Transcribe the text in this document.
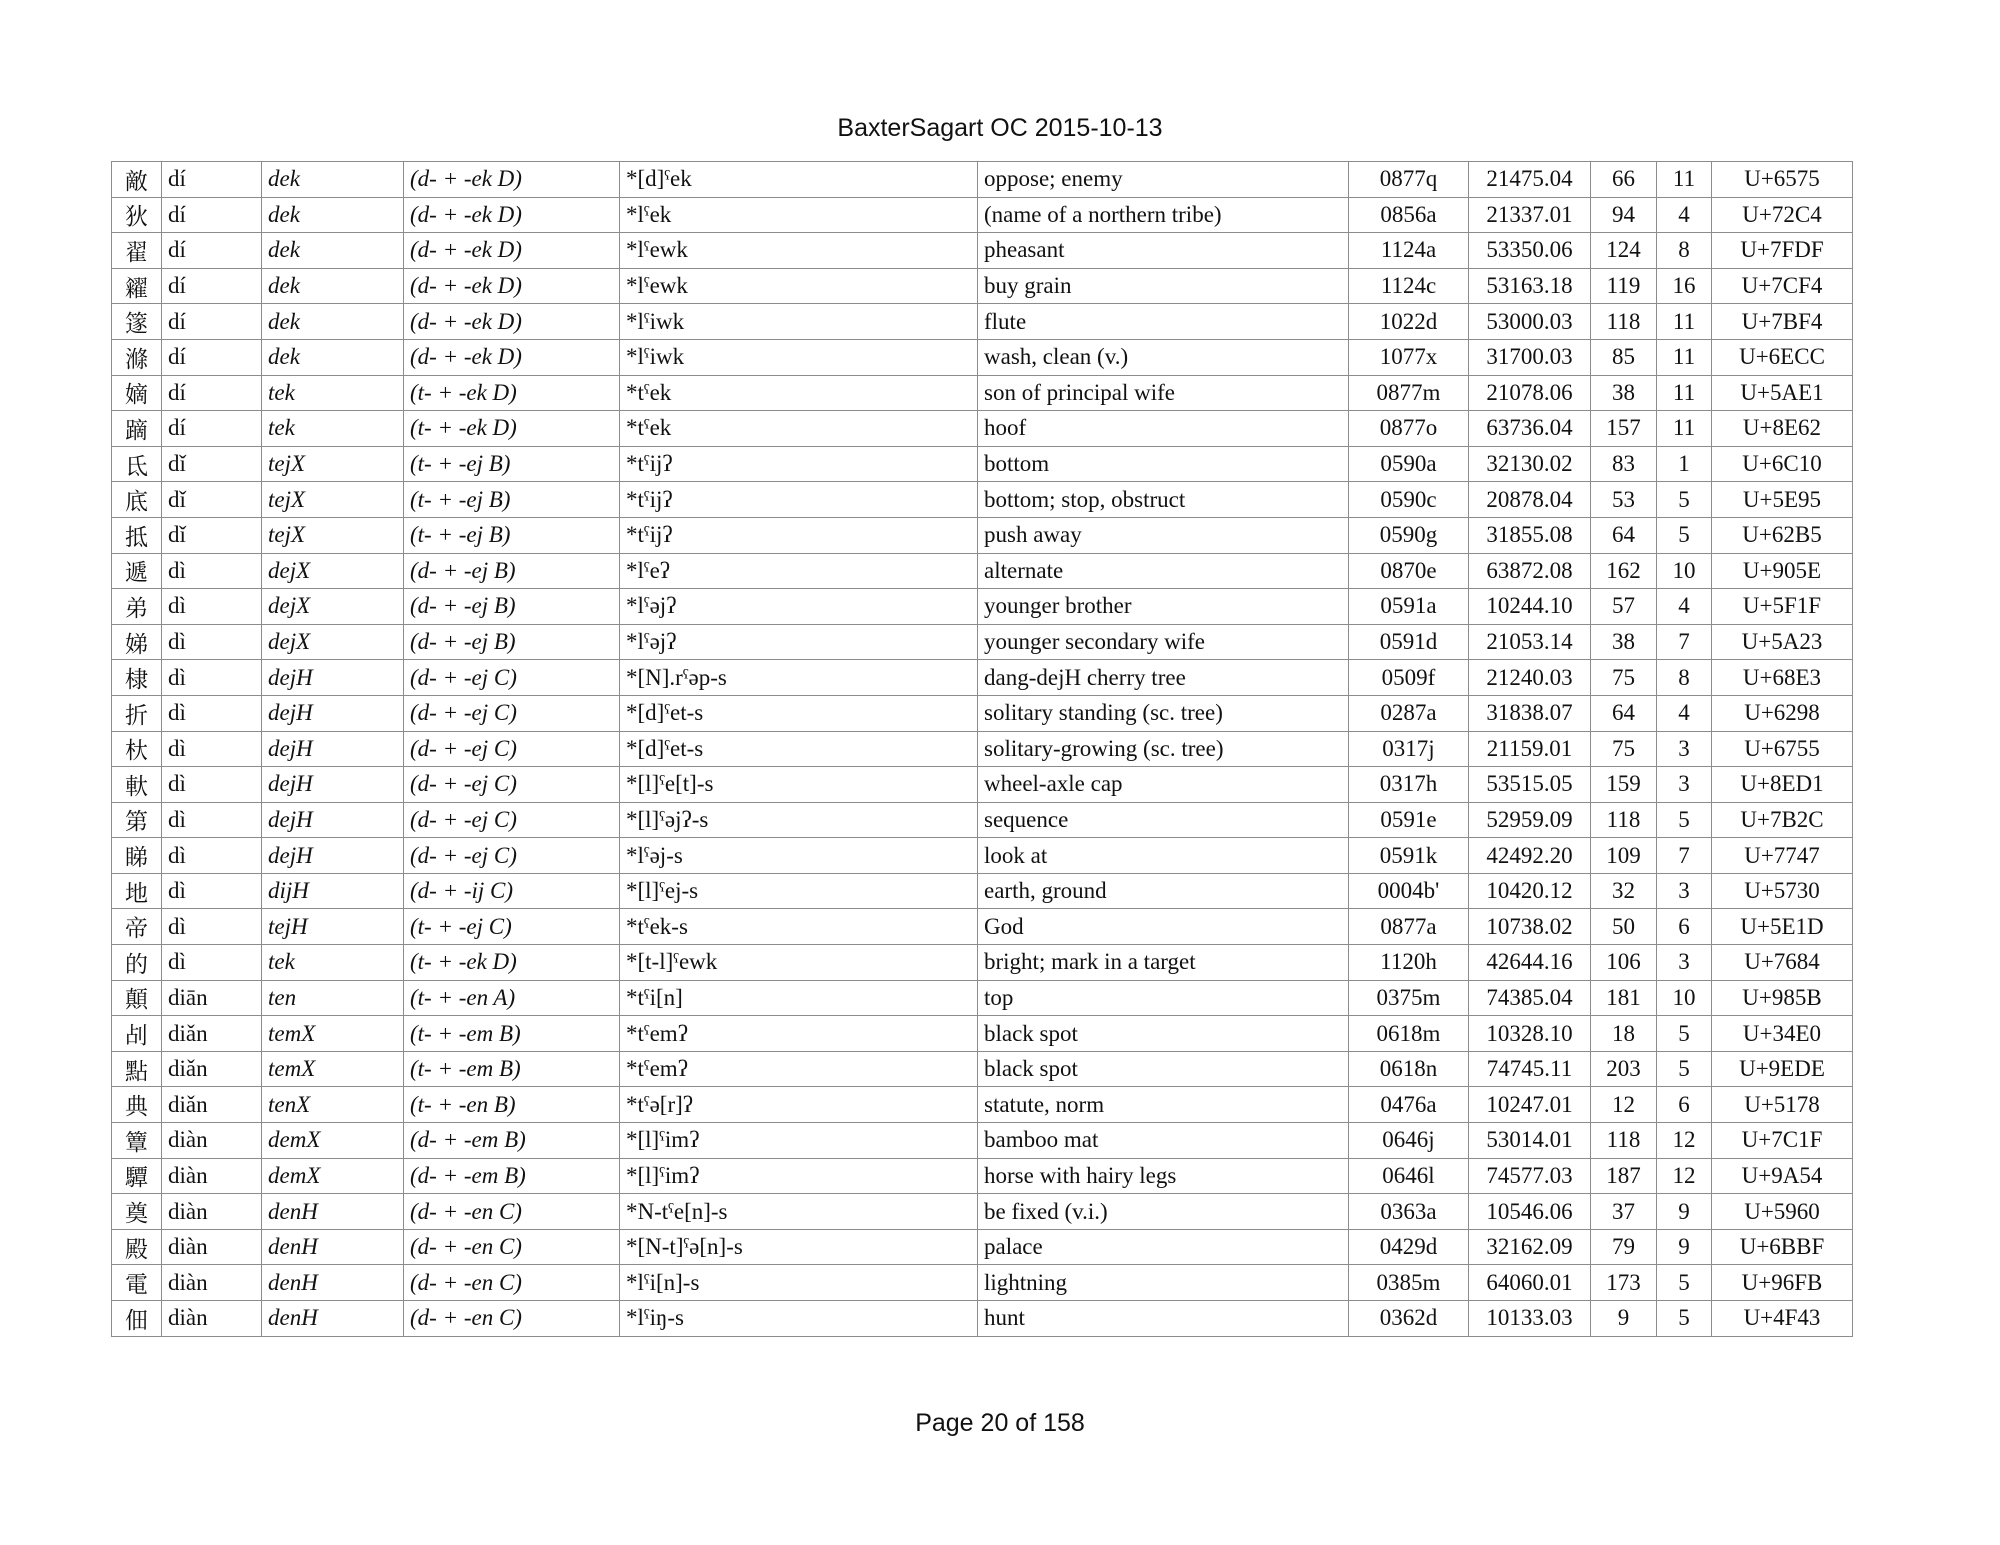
BaxterSagart OC 2015-10-13
敵	dí	dek	(d- + -ek D)	*[d]ˤek	oppose; enemy	0877q	21475.04	66	11	U+6575
狄	dí	dek	(d- + -ek D)	*lˤek	(name of a northern tribe)	0856a	21337.01	94	4	U+72C4
翟	dí	dek	(d- + -ek D)	*lˤewk	pheasant	1124a	53350.06	124	8	U+7FDF
糴	dí	dek	(d- + -ek D)	*lˤewk	buy grain	1124c	53163.18	119	16	U+7CF4
篴	dí	dek	(d- + -ek D)	*lˤiwk	flute	1022d	53000.03	118	11	U+7BF4
滌	dí	dek	(d- + -ek D)	*lˤiwk	wash, clean (v.)	1077x	31700.03	85	11	U+6ECC
嫡	dí	tek	(t- + -ek D)	*tˤek	son of principal wife	0877m	21078.06	38	11	U+5AE1
蹢	dí	tek	(t- + -ek D)	*tˤek	hoof	0877o	63736.04	157	11	U+8E62
氐	dǐ	tejX	(t- + -ej B)	*tˤijʔ	bottom	0590a	32130.02	83	1	U+6C10
底	dǐ	tejX	(t- + -ej B)	*tˤijʔ	bottom; stop, obstruct	0590c	20878.04	53	5	U+5E95
抵	dǐ	tejX	(t- + -ej B)	*tˤijʔ	push away	0590g	31855.08	64	5	U+62B5
遞	dì	dejX	(d- + -ej B)	*lˤeʔ	alternate	0870e	63872.08	162	10	U+905E
弟	dì	dejX	(d- + -ej B)	*lˤəjʔ	younger brother	0591a	10244.10	57	4	U+5F1F
娣	dì	dejX	(d- + -ej B)	*lˤəjʔ	younger secondary wife	0591d	21053.14	38	7	U+5A23
棣	dì	dejH	(d- + -ej C)	*[N].rˤəp-s	dang-dejH cherry tree	0509f	21240.03	75	8	U+68E3
折	dì	dejH	(d- + -ej C)	*[d]ˤet-s	solitary standing (sc. tree)	0287a	31838.07	64	4	U+6298
杕	dì	dejH	(d- + -ej C)	*[d]ˤet-s	solitary-growing (sc. tree)	0317j	21159.01	75	3	U+6755
軑	dì	dejH	(d- + -ej C)	*[l]ˤe[t]-s	wheel-axle cap	0317h	53515.05	159	3	U+8ED1
第	dì	dejH	(d- + -ej C)	*[l]ˤəjʔ-s	sequence	0591e	52959.09	118	5	U+7B2C
睇	dì	dejH	(d- + -ej C)	*lˤəj-s	look at	0591k	42492.20	109	7	U+7747
地	dì	dijH	(d- + -ij C)	*[l]ˤej-s	earth, ground	0004b'	10420.12	32	3	U+5730
帝	dì	tejH	(t- + -ej C)	*tˤek-s	God	0877a	10738.02	50	6	U+5E1D
的	dì	tek	(t- + -ek D)	*[t-l]ˤewk	bright; mark in a target	1120h	42644.16	106	3	U+7684
顛	diān	ten	(t- + -en A)	*tˤi[n]	top	0375m	74385.04	181	10	U+985B
㓠	diǎn	temX	(t- + -em B)	*tˤemʔ	black spot	0618m	10328.10	18	5	U+34E0
點	diǎn	temX	(t- + -em B)	*tˤemʔ	black spot	0618n	74745.11	203	5	U+9EDE
典	diǎn	tenX	(t- + -en B)	*tˤə[r]ʔ	statute, norm	0476a	10247.01	12	6	U+5178
簟	diàn	demX	(d- + -em B)	*[l]ˤimʔ	bamboo mat	0646j	53014.01	118	12	U+7C1F
驔	diàn	demX	(d- + -em B)	*[l]ˤimʔ	horse with hairy legs	0646l	74577.03	187	12	U+9A54
奠	diàn	denH	(d- + -en C)	*N-tˤe[n]-s	be fixed (v.i.)	0363a	10546.06	37	9	U+5960
殿	diàn	denH	(d- + -en C)	*[N-t]ˤə[n]-s	palace	0429d	32162.09	79	9	U+6BBF
電	diàn	denH	(d- + -en C)	*lˤi[n]-s	lightning	0385m	64060.01	173	5	U+96FB
佃	diàn	denH	(d- + -en C)	*lˤiŋ-s	hunt	0362d	10133.03	9	5	U+4F43
Page 20 of 158
